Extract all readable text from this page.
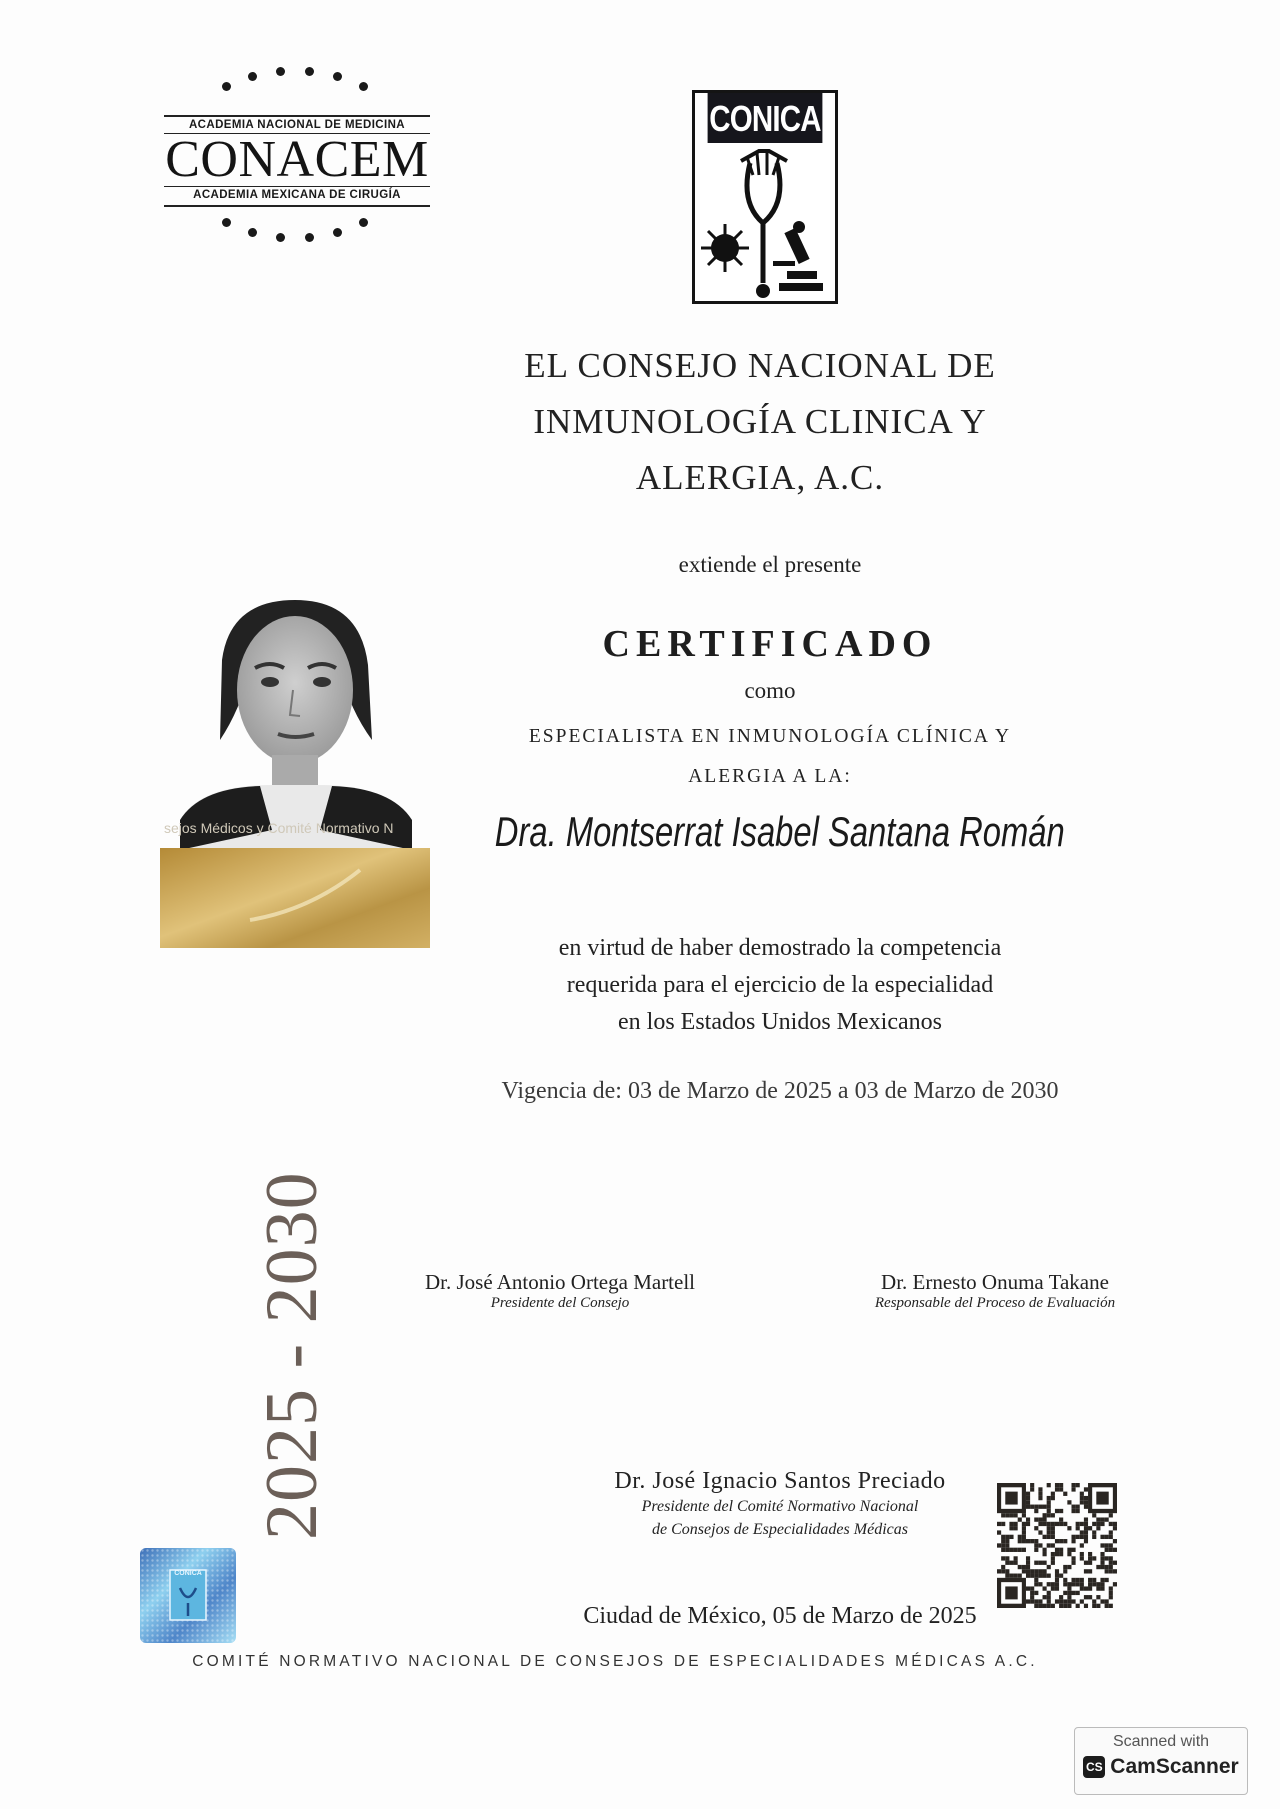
ACADEMIA NACIONAL DE MEDICINA
CONACEM
ACADEMIA MEXICANA DE CIRUGÍA
CONICA
EL CONSEJO NACIONAL DE
INMUNOLOGÍA CLINICA Y
ALERGIA, A.C.
extiende el presente
CERTIFICADO
como
ESPECIALISTA EN INMUNOLOGÍA CLÍNICA Y
ALERGIA A LA:
Dra. Montserrat Isabel Santana Román
sejos Médicos y Comité Normativo N
en virtud de haber demostrado la competencia
requerida para el ejercicio de la especialidad
en los Estados Unidos Mexicanos
Vigencia de: 03 de Marzo de 2025 a 03 de Marzo de 2030
2025 - 2030	Dr. José Antonio Ortega Martell
Presidente del Consejo
Dr. Ernesto Onuma Takane
Responsable del Proceso de Evaluación
Dr. José Ignacio Santos Preciado
Presidente del Comité Normativo Nacional
de Consejos de Especialidades Médicas
Ciudad de México, 05 de Marzo de 2025
CONICA
COMITÉ NORMATIVO NACIONAL DE CONSEJOS DE ESPECIALIDADES MÉDICAS A.C.
Scanned with
CS CamScanner
